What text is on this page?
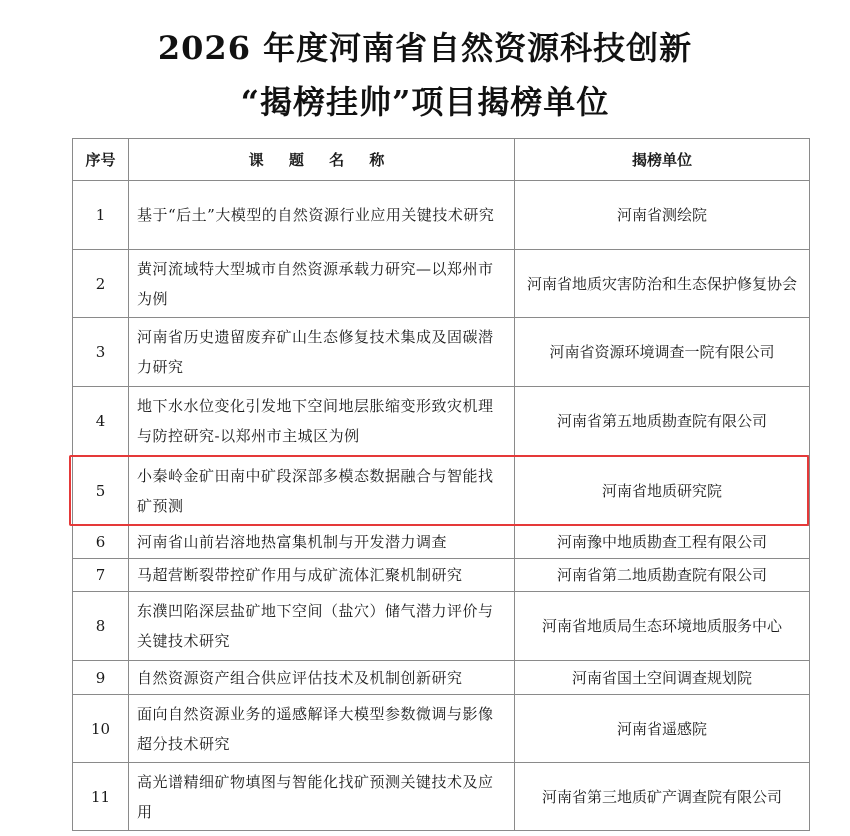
2026 年度河南省自然资源科技创新
“揭榜挂帅”项目揭榜单位
序号	课 题 名 称	揭榜单位
1	基于“后土”大模型的自然资源行业应用关键技术研究	河南省测绘院
2	黄河流域特大型城市自然资源承载力研究—以郑州市为例	河南省地质灾害防治和生态保护修复协会
3	河南省历史遗留废弃矿山生态修复技术集成及固碳潜力研究	河南省资源环境调查一院有限公司
4	地下水水位变化引发地下空间地层胀缩变形致灾机理与防控研究-以郑州市主城区为例	河南省第五地质勘查院有限公司
5	小秦岭金矿田南中矿段深部多模态数据融合与智能找矿预测	河南省地质研究院
6	河南省山前岩溶地热富集机制与开发潜力调查	河南豫中地质勘查工程有限公司
7	马超营断裂带控矿作用与成矿流体汇聚机制研究	河南省第二地质勘查院有限公司
8	东濮凹陷深层盐矿地下空间（盐穴）储气潜力评价与关键技术研究	河南省地质局生态环境地质服务中心
9	自然资源资产组合供应评估技术及机制创新研究	河南省国土空间调查规划院
10	面向自然资源业务的遥感解译大模型参数微调与影像超分技术研究	河南省遥感院
11	高光谱精细矿物填图与智能化找矿预测关键技术及应用	河南省第三地质矿产调查院有限公司
